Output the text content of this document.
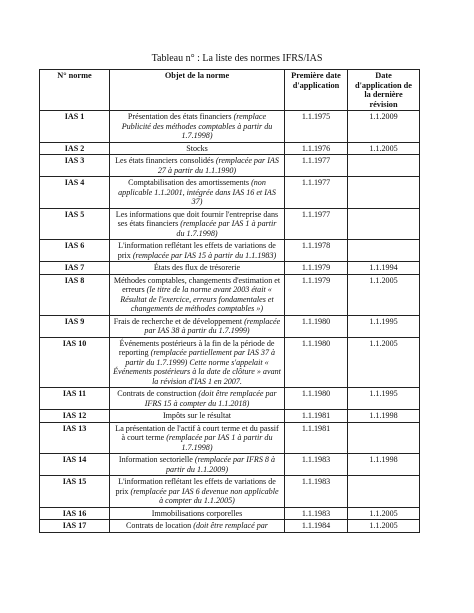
Tableau n° : La liste des normes IFRS/IAS
N° norme	Objet de la norme	Première date d'application	Date d'application de la dernière révision
IAS 1	Présentation des états financiers (remplace Publicité des méthodes comptables à partir du 1.7.1998)	1.1.1975	1.1.2009
IAS 2	Stocks	1.1.1976	1.1.2005
IAS 3	Les états financiers consolidés (remplacée par IAS 27 à partir du 1.1.1990)	1.1.1977	
IAS 4	Comptabilisation des amortissements (non applicable 1.1.2001, intégrée dans IAS 16 et IAS 37)	1.1.1977	
IAS 5	Les informations que doit fournir l'entreprise dans ses états financiers (remplacée par IAS 1 à partir du 1.7.1998)	1.1.1977	
IAS 6	L'information reflétant les effets de variations de prix (remplacée par IAS 15 à partir du 1.1.1983)	1.1.1978	
IAS 7	États des flux de trésorerie	1.1.1979	1.1.1994
IAS 8	Méthodes comptables, changements d'estimation et erreurs (le titre de la norme avant 2003 était « Résultat de l'exercice, erreurs fondamentales et changements de méthodes comptables »)	1.1.1979	1.1.2005
IAS 9	Frais de recherche et de développement (remplacée par IAS 38 à partir du 1.7.1999)	1.1.1980	1.1.1995
IAS 10	Événements postérieurs à la fin de la période de reporting (remplacée partiellement par IAS 37 à partir du 1.7.1999) Cette norme s'appelait « Événements postérieurs à la date de clôture » avant la révision d'IAS 1 en 2007.	1.1.1980	1.1.2005
IAS 11	Contrats de construction (doit être remplacée par IFRS 15 à compter du 1.1.2018)	1.1.1980	1.1.1995
IAS 12	Impôts sur le résultat	1.1.1981	1.1.1998
IAS 13	La présentation de l'actif à court terme et du passif à court terme (remplacée par IAS 1 à partir du 1.7.1998)	1.1.1981	
IAS 14	Information sectorielle (remplacée par IFRS 8 à partir du 1.1.2009)	1.1.1983	1.1.1998
IAS 15	L'information reflétant les effets de variations de prix (remplacée par IAS 6 devenue non applicable à compter du 1.1.2005)	1.1.1983	
IAS 16	Immobilisations corporelles	1.1.1983	1.1.2005
IAS 17	Contrats de location (doit être remplacé par	1.1.1984	1.1.2005
